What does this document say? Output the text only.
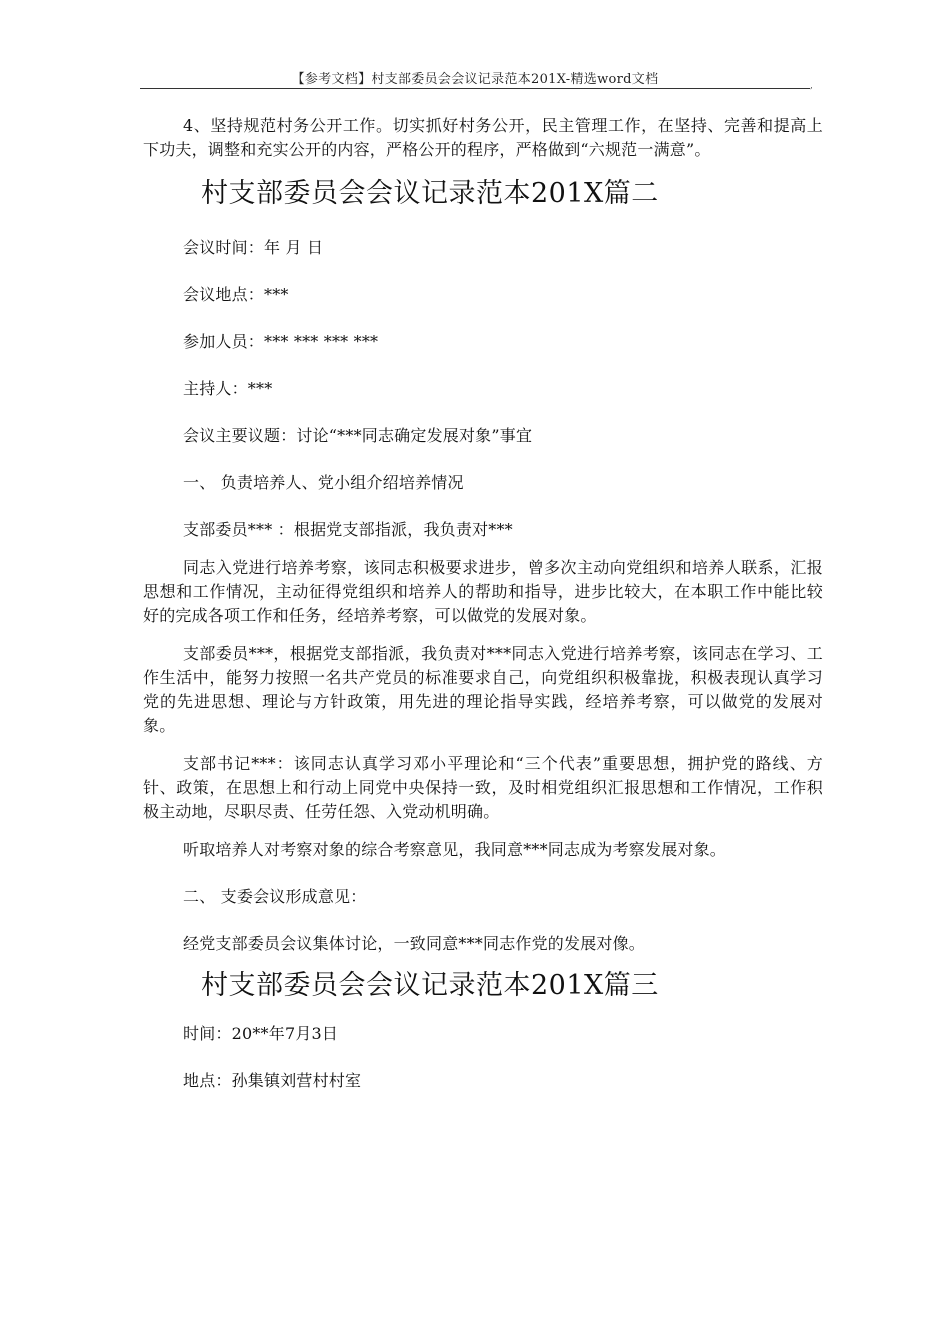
【参考文档】村支部委员会会议记录范本201X-精选word文档	,

4、坚持规范村务公开工作。切实抓好村务公开，民主管理工作，在坚持、完善和提高上下功夫，调整和充实公开的内容，严格公开的程序，严格做到“六规范一满意”。

村支部委员会会议记录范本201X篇二

会议时间：年 月 日

会议地点：***

参加人员：*** *** *** ***

主持人：***

会议主要议题：讨论“***同志确定发展对象”事宜

一、 负责培养人、党小组介绍培养情况

支部委员*** ：根据党支部指派，我负责对***

同志入党进行培养考察，该同志积极要求进步，曾多次主动向党组织和培养人联系，汇报思想和工作情况，主动征得党组织和培养人的帮助和指导，进步比较大，在本职工作中能比较好的完成各项工作和任务，经培养考察，可以做党的发展对象。

支部委员***，根据党支部指派，我负责对***同志入党进行培养考察，该同志在学习、工作生活中，能努力按照一名共产党员的标准要求自己，向党组织积极靠拢，积极表现认真学习党的先进思想、理论与方针政策，用先进的理论指导实践，经培养考察，可以做党的发展对象。

支部书记***：该同志认真学习邓小平理论和“三个代表”重要思想，拥护党的路线、方针、政策，在思想上和行动上同党中央保持一致，及时相党组织汇报思想和工作情况，工作积极主动地，尽职尽责、任劳任怨、入党动机明确。

听取培养人对考察对象的综合考察意见，我同意***同志成为考察发展对象。

二、 支委会议形成意见：

经党支部委员会议集体讨论，一致同意***同志作党的发展对像。

村支部委员会会议记录范本201X篇三

时间：20**年7月3日

地点：孙集镇刘营村村室
